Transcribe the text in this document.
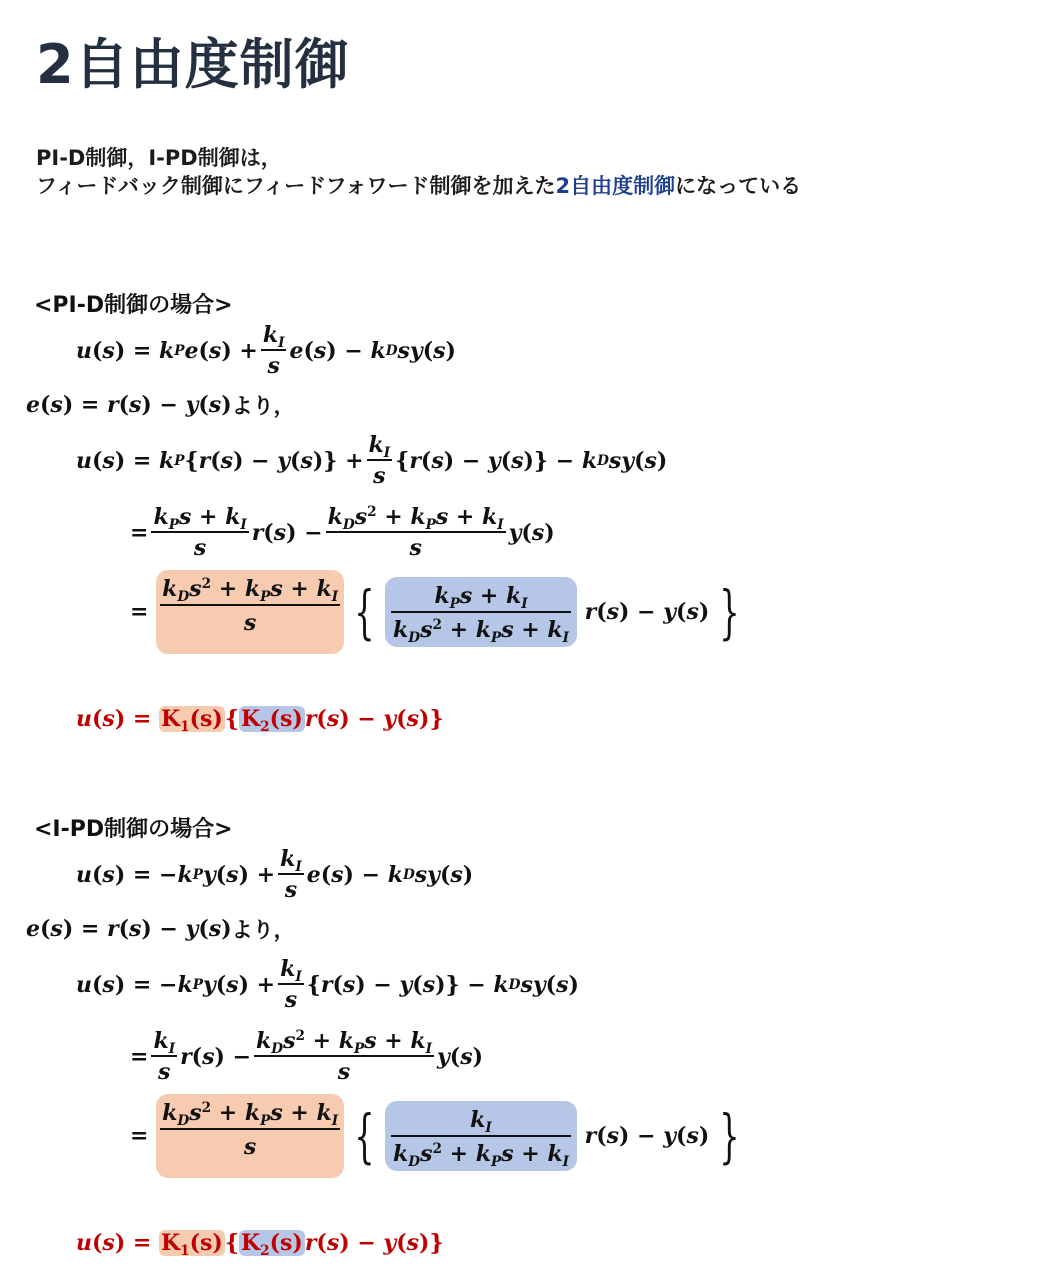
2自由度制御
PI-D制御，I-PD制御は，
フィードバック制御にフィードフォワード制御を加えた2自由度制御になっている
<PI-D制御の場合>
u ( s )
= k P e ( s )
+ $\frac{k_I}{s}$ e ( s )
− k D sy ( s )
e ( s )
= r ( s )
− y ( s ) より，
u ( s )
= k P { r ( s )
− y ( s )}
+ $\frac{k_I}{s}$ { r ( s )
− y ( s )}
− k D sy ( s )
= $\frac{k_Ps + k_I}{s}$ r ( s )
− $\frac{k_Ds^2 + k_Ps + k_I}{s}$ y ( s )
=
$\frac{k_Ds^2 + k_Ps + k_I}{s}$ { $\frac{k_Ps + k_I}{k_Ds^2 + k_Ps + k_I}$ r ( s )
− y ( s ) }
u ( s )
=
$K_1(s)$ { $K_2(s)$ r ( s )
− y ( s )}
<I-PD制御の場合>
u ( s )
=
− k P y ( s )
+ $\frac{k_I}{s}$ e ( s )
− k D sy ( s )
e ( s )
= r ( s )
− y ( s ) より，
u ( s )
=
− k P y ( s )
+ $\frac{k_I}{s}$ { r ( s )
− y ( s )}
− k D sy ( s )
= $\frac{k_I}{s}$ r ( s )
− $\frac{k_Ds^2 + k_Ps + k_I}{s}$ y ( s )
=
$\frac{k_Ds^2 + k_Ps + k_I}{s}$ { $\frac{k_I}{k_Ds^2 + k_Ps + k_I}$ r ( s )
− y ( s ) }
u ( s )
=
$K_1(s)$ { $K_2(s)$ r ( s )
− y ( s )}
